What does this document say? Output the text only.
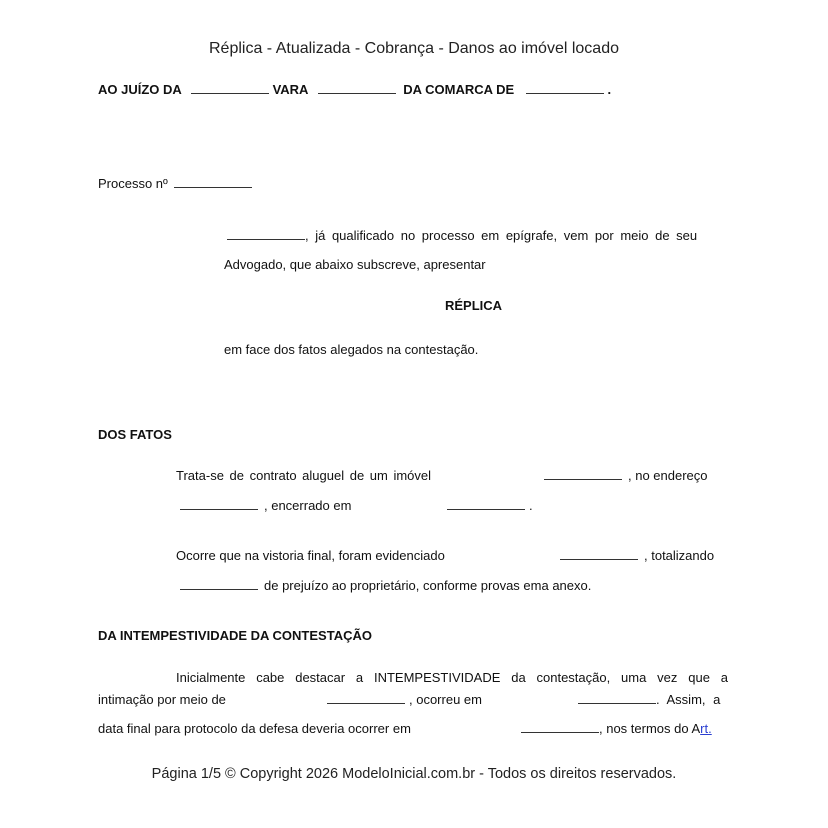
Réplica - Atualizada - Cobrança - Danos ao imóvel locado
AO JUÍZO DA	VARA	DA COMARCA DE	.
Processo nº
, já qualificado no processo em epígrafe, vem por meio de seu
Advogado, que abaixo subscreve, apresentar
RÉPLICA
em face dos fatos alegados na contestação.
DOS FATOS
Trata-se de contrato aluguel de um imóvel	, no endereço
, encerrado em	.
Ocorre que na vistoria final, foram evidenciado	, totalizando
de prejuízo ao proprietário, conforme provas ema anexo.
DA INTEMPESTIVIDADE DA CONTESTAÇÃO
Inicialmente cabe destacar a INTEMPESTIVIDADE da contestação, uma vez que a
intimação por meio de	, ocorreu em	. Assim, a
data final para protocolo da defesa deveria ocorrer em	, nos termos do Art.
Página 1/5 © Copyright 2026 ModeloInicial.com.br - Todos os direitos reservados.
